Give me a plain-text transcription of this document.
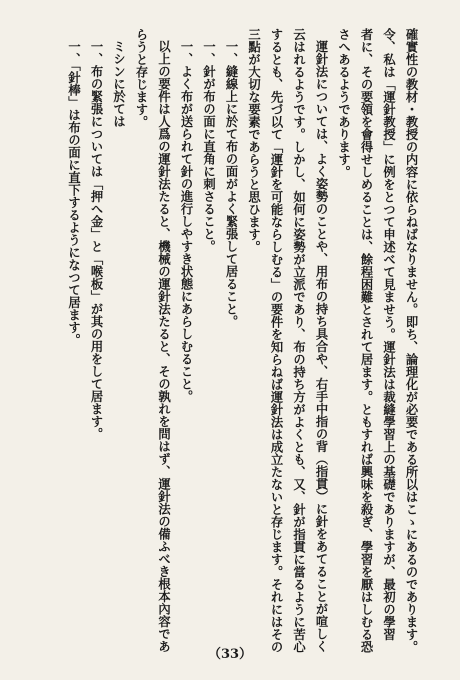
確實性の教材・教授の内容に依らねばなりません。即ち、論理化が必要である所以はこゝにあるのであります。
令、私は「運針教授」に例をとつて申述べて見ませう。運針法は裁縫學習上の基礎でありますが、最初の學習
者に、その要領を會得せしめることは、餘程困難とされて居ます。ともすれば興味を殺ぎ、學習を厭はしむる恐
さへあるようであります。
運針法については、よく姿勢のことや、用布の持ち具合や、右手中指の背（指貫）に針をあてることが喧しく
云はれるようです。しかし、如何に姿勢が立派であり、布の持ち方がよくとも、又、針が指貫に當るように苦心
するとも、先づ以て「運針を可能ならしむる」の要件を知らねば運針法は成立たないと存じます。それにはその
三點が大切な要素であらうと思ひます。
一、縫線上に於て布の面がよく緊張して居ること。
一、針が布の面に直角に刺さること。
一、よく布が送られて針の進行しやすき状態にあらしむること。
以上の要件は人爲の運針法たると、機械の運針法たると、その孰れを問はず、運針法の備ふべき根本內容であ
らうと存じます。
ミシンに於ては
一、布の緊張については「押へ金」と「喉板」が其の用をして居ます。
一、「針棒」は布の面に直下するようになつて居ます。
（33）
